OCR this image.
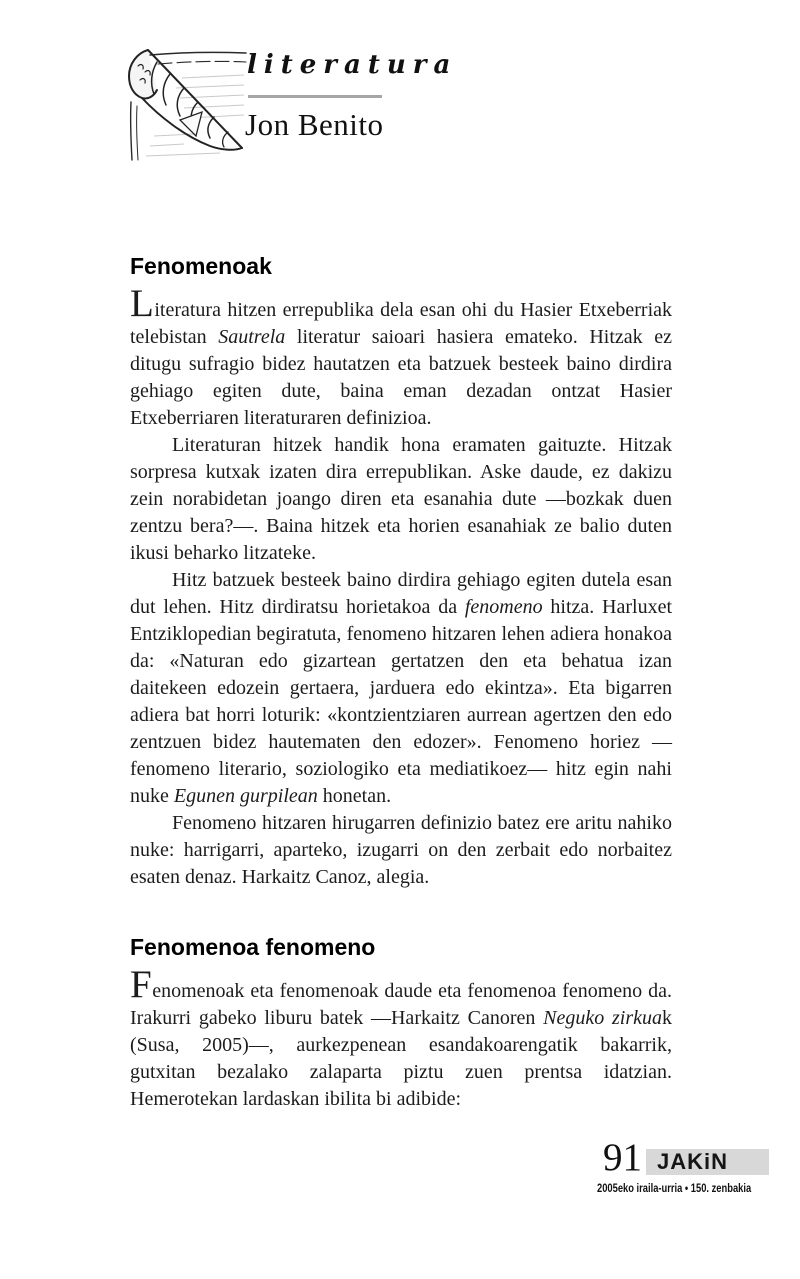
literatura
Jon Benito
Fenomenoak

Literatura hitzen errepublika dela esan ohi du Hasier Etxeberriak telebistan Sautrela literatur saioari hasiera emateko. Hitzak ez ditugu sufragio bidez hautatzen eta batzuek besteek baino dirdira gehiago egiten dute, baina eman dezadan ontzat Hasier Etxeberriaren literaturaren definizioa.

Literaturan hitzek handik hona eramaten gaituzte. Hitzak sorpresa kutxak izaten dira errepublikan. Aske daude, ez dakizu zein norabidetan joango diren eta esanahia dute —bozkak duen zentzu bera?—. Baina hitzek eta horien esanahiak ze balio duten ikusi beharko litzateke.

Hitz batzuek besteek baino dirdira gehiago egiten dutela esan dut lehen. Hitz dirdiratsu horietakoa da fenomeno hitza. Harluxet Entziklopedian begiratuta, fenomeno hitzaren lehen adiera honakoa da: «Naturan edo gizartean gertatzen den eta behatua izan daitekeen edozein gertaera, jarduera edo ekintza». Eta bigarren adiera bat horri loturik: «kontzientziaren aurrean agertzen den edo zentzuen bidez hautematen den edozer». Fenomeno horiez —fenomeno literario, soziologiko eta mediatikoez— hitz egin nahi nuke Egunen gurpilean honetan.

Fenomeno hitzaren hirugarren definizio batez ere aritu nahiko nuke: harrigarri, aparteko, izugarri on den zerbait edo norbaitez esaten denaz. Harkaitz Canoz, alegia.

Fenomenoa fenomeno

Fenomenoak eta fenomenoak daude eta fenomenoa fenomeno da. Irakurri gabeko liburu batek —Harkaitz Canoren Neguko zirkuak (Susa, 2005)—, aurkezpenean esandakoarengatik bakarrik, gutxitan bezalako zalaparta piztu zuen prentsa idatzian. Hemerotekan lardaskan ibilita bi adibide:

91 JAKiN
2005eko iraila-urria • 150. zenbakia
